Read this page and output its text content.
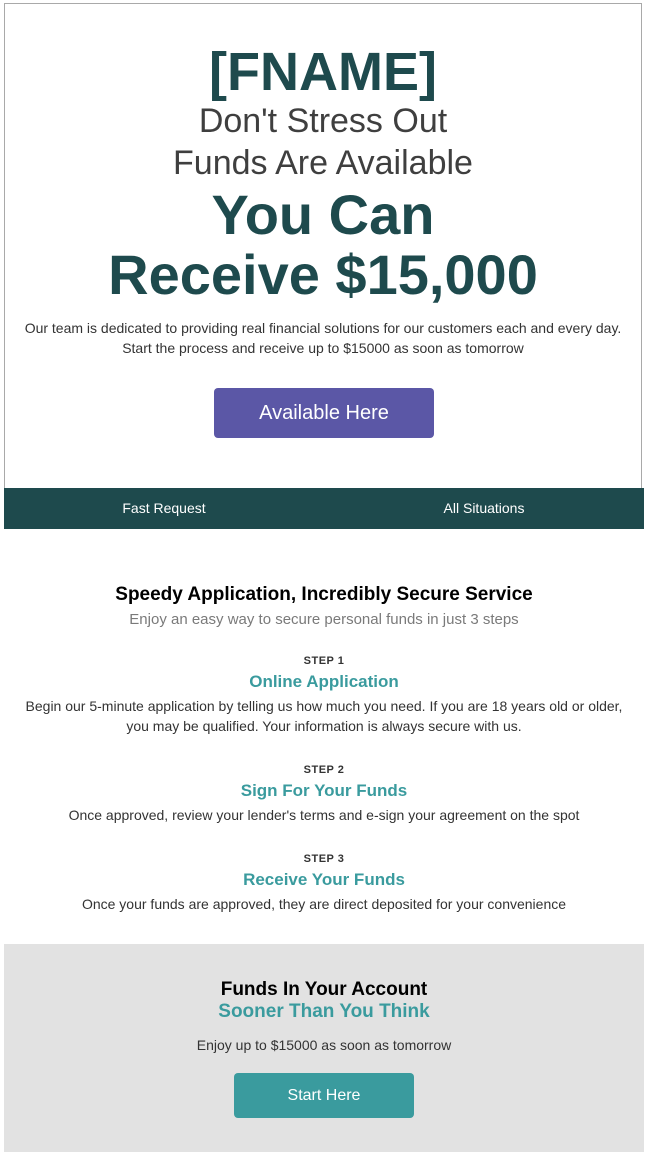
[FNAME]
Don't Stress Out
Funds Are Available
You Can
Receive $15,000
Our team is dedicated to providing real financial solutions for our customers each and every day.
Start the process and receive up to $15000 as soon as tomorrow
Available Here
Fast Request	All Situations
Speedy Application, Incredibly Secure Service
Enjoy an easy way to secure personal funds in just 3 steps
STEP 1
Online Application
Begin our 5-minute application by telling us how much you need. If you are 18 years old or older,
you may be qualified. Your information is always secure with us.
STEP 2
Sign For Your Funds
Once approved, review your lender's terms and e-sign your agreement on the spot
STEP 3
Receive Your Funds
Once your funds are approved, they are direct deposited for your convenience
Funds In Your Account
Sooner Than You Think
Enjoy up to $15000 as soon as tomorrow
Start Here
